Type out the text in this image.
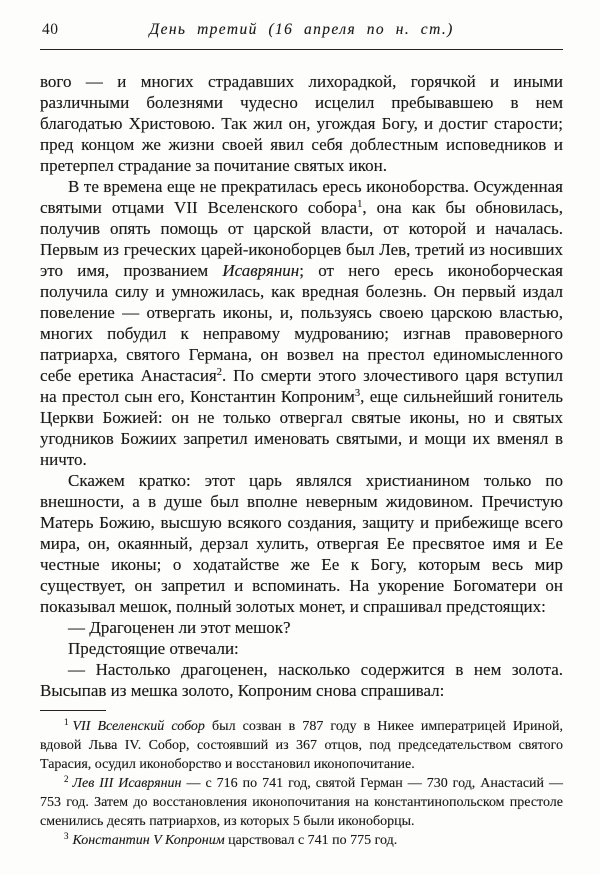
40	День третий (16 апреля по н. ст.)

вого — и многих страдавших лихорадкой, горячкой и иными различными болезнями чудесно исцелил пребывавшею в нем благодатью Христовою. Так жил он, угождая Богу, и достиг старости; пред концом же жизни своей явил себя доблестным исповедников и претерпел страдание за почитание святых икон.

В те времена еще не прекратилась ересь иконоборства. Осужденная святыми отцами VII Вселенского собора$^1$, она как бы обновилась, получив опять помощь от царской власти, от которой и началась. Первым из греческих царей-иконоборцев был Лев, третий из носивших это имя, прозванием Исаврянин; от него ересь иконоборческая получила силу и умножилась, как вредная болезнь. Он первый издал повеление — отвергать иконы, и, пользуясь своею царскою властью, многих побудил к неправому мудрованию; изгнав правоверного патриарха, святого Германа, он возвел на престол единомысленного себе еретика Анастасия$^2$. По смерти этого злочестивого царя вступил на престол сын его, Константин Копроним$^3$, еще сильнейший гонитель Церкви Божией: он не только отвергал святые иконы, но и святых угодников Божиих запретил именовать святыми, и мощи их вменял в ничто.

Скажем кратко: этот царь являлся христианином только по внешности, а в душе был вполне неверным жидовином. Пречистую Матерь Божию, высшую всякого создания, защиту и прибежище всего мира, он, окаянный, дерзал хулить, отвергая Ее пресвятое имя и Ее честные иконы; о ходатайстве же Ее к Богу, которым весь мир существует, он запретил и вспоминать. На укорение Богоматери он показывал мешок, полный золотых монет, и спрашивал предстоящих:

— Драгоценен ли этот мешок?

Предстоящие отвечали:

— Настолько драгоценен, насколько содержится в нем золота. Высыпав из мешка золото, Копроним снова спрашивал:

$^1$ VII Вселенский собор был созван в 787 году в Никее императрицей Ириной, вдовой Льва IV. Собор, состоявший из 367 отцов, под председательством святого Тарасия, осудил иконоборство и восстановил иконопочитание.

$^2$ Лев III Исаврянин — с 716 по 741 год, святой Герман — 730 год, Анастасий — 753 год. Затем до восстановления иконопочитания на константинопольском престоле сменились десять патриархов, из которых 5 были иконоборцы.

$^3$ Константин V Копроним царствовал с 741 по 775 год.
